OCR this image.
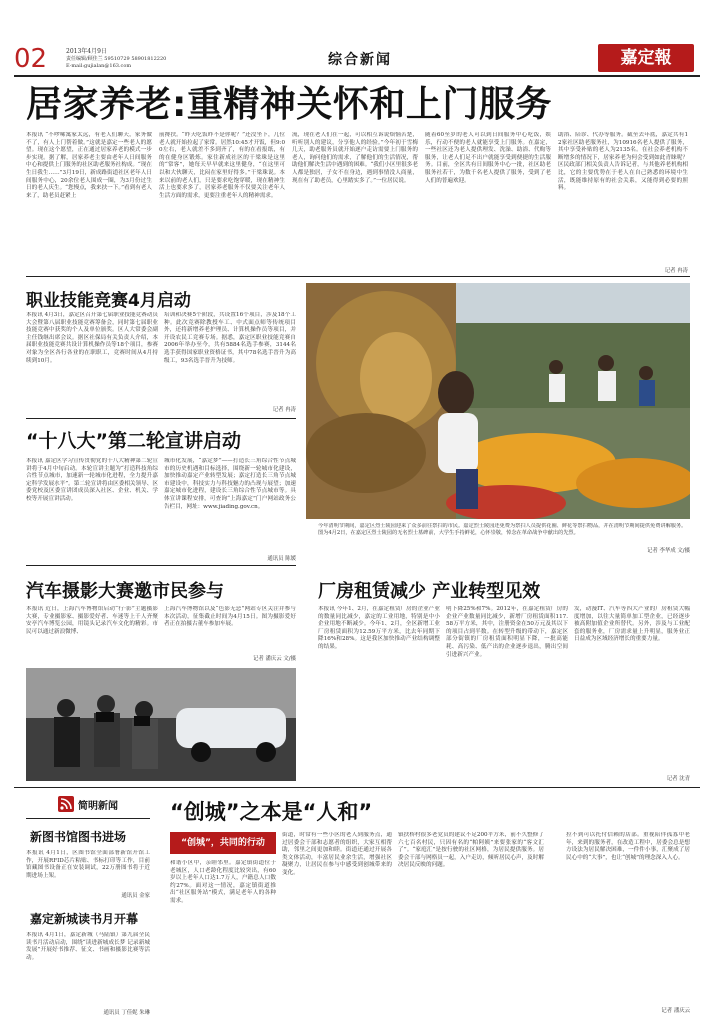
02	2013年4月9日
责任编辑/顾佳兰 59510729 58901812220
E-mail:gujialan@163.com	综合新闻	嘉定報
居家养老:重精神关怀和上门服务
本报讯 “不啰嗦寓家太远，有老人们聊天，家务做不了，有人上门帮着做。”这就是嘉定一些老人的愿望。现在这个愿望，正在通过居家养老的模式一步步实现。据了解，居家养老主要由老年人日间服务中心和提供上门服务的社区助老服务社构成。“现在生日我生……”3月19日，新成路街道社区老年人日间服务中心，20余位老人围成一圈，为3月份过生日的老人庆生。“您慢点，我来扶一下。”看到有老人来了，助老员赶紧上
前搀扶。“昨天吃饭昨不是你呢？”还没坐下，几位老人就开始拉起了家常。居然10:45才开饭，但9:00左右，老人就差不多到齐了，有的在看报纸，有的在健身区锻炼。家住新成社区的干梁珠是这里的“常客”，她每天早早就来这里健身，“在这里可以和大伙聊天，比闷在家里好得多。”干梁珠说。本来以前的老人们，只是要求吃饱穿暖，现在精神生活上也要求多了，居家养老服务不仅要关注老年人生活方面的需求，更要注重老年人的精神需求。
流，现在老人们在一起，可以相互诉说烦恼苦楚，听听别人的建议，分享他人的经验。”今年初于雪梅几天，助老服务员就开始逐户走访需要上门服务的老人，询问他们的需求，了解他们的生活情况，帮助他们解决生活中遇到的困难。“我们小区里很多老人都是独居，子女不在身边，遇到事情没人商量，现在有了助老员，心里踏实多了。”一位居民说。
随着60至岁的老人可以到日间服务中心吃饭，娱乐，行动不便的老人就能享受上门服务。在嘉定，一些社区还为老人提供理发、洗澡、助浴、代购等服务，让老人们足不出户就能享受到便捷的生活服务。目前，全区共有日间服务中心一批，社区助老服务社若干，为数千名老人提供了服务，受到了老人们的普遍欢迎。
助浴、陪诊、代办等服务。截至去年底，嘉定共有12家社区助老服务社，为10916名老人提供了服务，其中享受补贴的老人为2135名。在社会养老机构不断增多的情况下，居家养老为何会受到如此青睐呢？区民政部门相关负责人告诉记者，与其他养老机构相比，它的主要优势在于老人在自己熟悉的环境中生活，既能维持原有的社会关系，又能得到必要的照料。
记者 冉涛
职业技能竞赛4月启动
本报讯 4月3日，嘉定区召开第七届职业技能竞赛动员大会暨第八届职业技能竞赛筹备会，同时第七届职业技能竞赛中获奖的个人及单位颁奖。区人大常委会副主任钱继出席会议。据区社保局有关负责人介绍，本届职业技能竞赛共设计算机操作员等18个项目，参赛对象为全区各行各业的在职职工，竞赛时间从4月持续到10月。
培训和决赛5个阶段，共设置16个项目，涉及18个工种。此次竞赛除教授车工、中式面点师等传统项目外，还将新增养老护理员、计算机操作员等项目，并开设农民工竞赛专场。据悉，嘉定区职业技能竞赛自2006年举办至今，共有5884名选手参赛，3144名选手获得国家职业资格证书，其中78名选手晋升为高级工，93名选手晋升为技师。
记者 冉涛
“十八大”第二轮宣讲启动
本报讯 嘉定区学习宣传贯彻党的十八大精神第二轮宣讲将于4月中旬启动。本轮宣讲主题为“打造科技角综合性节点城市，加速新一轮城市化进程，全力提升嘉定科学发展水平”。第二轮宣讲将由区委相关领导、区委党校及区委宣讲团成员深入社区、企业、机关、学校等开展宣讲活动。
城市化发展，“嘉定梦”——打造长三角综合性节点城市的历史机遇和目标选择，围绕新一轮城市化建设，加快推动嘉定产业转型发展；嘉定打造长三角节点城市建设中，科技实力与科技魅力的凸现与展望；加速嘉定城市化进程，建设长三角综合性节点城市等。具体宣讲课程安排，可查询“上海嘉定”门户网站政务公告栏目，网址：www.jiading.gov.cn。
通讯员 陈媛
今年清明节期间，嘉定区烈士陵园迎来了众多前往祭扫的市民。嘉定烈士陵园还免费为祭扫人员提供花圈、鲜花等祭扫物品，并在清明节期间提供免费讲解服务。图为4月2日，在嘉定区烈士陵园的无名烈士墓碑前，大学生手持鲜花，心怀崇敬，悼念在革命战争中献出的先烈。
记者 李华成 文/摄
汽车摄影大赛邀市民参与
本报讯 近日，上海汽车博物馆启动“行·影”主题摄影大赛，专业摄影家、摄影爱好者、车迷等上千人齐聚安亭汽车博览公园，用镜头记录汽车文化的精彩。市民可以通过新浪微博、
上海汽车博物馆以及“色影无忌”网站专区关注并参与本次活动，征集截止时间为4月15日。图为摄影爱好者正在拍摄古董车参加车展。
记者 潘庆云 文/摄
厂房租赁减少 产业转型见效
本报讯 今年1、2月，在嘉定租赁厂房的企业产业的数量同比减少，嘉定的工业用地，特别是中小企业用地不断减少。今年1、2月，全区新增工业厂房租赁面积为12.59万平方米，比去年同期下降16%和28%。这是我区加快推动产业结构调整的结果。
明下降25%和7%。2012年，在嘉定租赁厂房的企业产业数量同比减少，新增厂房租赁面积117.58万平方米，其中，注册资金在50万元及其以下的项目占到半数。在转型升级的带动下，嘉定区部分街镇的厂房租赁面积明显下降，一批高能耗、高污染、低产出的企业逐步退出，腾出空间引进新兴产业。
发，动漫IT、汽车等四大产业的厂房租赁大幅度增加，以往大量简单加工型企业，已经逐步被高附加值企业所替代。另外，涉及与工业配套的服务业，厂房需求量上升明显，服务业正日益成为区域经济增长的重要力量。
记者 沈青
简明新闻
新图书馆图书进场
本报讯 4月1日，区图书馆全面部署新馆开馆工作，开展RFID芯片粘贴、书标打印等工作，目前馆藏图书设备正在安装调试，22万册图书将于近期进场上架。
通讯员 金家
嘉定新城读书月开幕
本报讯 4月1日，嘉定新城（马陆镇）第九届全民读书月活动启动，围绕“读进新城成长梦 记录新城发展”开展好书推荐、征文、书画和摄影比赛等活动。
通讯员 丁佳妮 朱琳
“创城”之本是“人和”
“创城”，共同的行动
和谐小区中，亲睦邻里。嘉定镇街道位于老城区，人口老龄化程度比较突出，有60岁以上老年人口达1.7万人，户籍总人口数约27%。面对这一情况，嘉定镇街道推出“社区服务站”模式，满足老年人的各种需求。
街道，时常有一些小区的老人到服务点，通过居委会干部和志愿者的组织，大家互相帮助，邻里之间更加和睦。街道还通过开展各类文体活动，丰富居民业余生活，增强社区凝聚力，让居民在参与中感受到创城带来的变化。
镇扶桥村很多老党员的建议不足200平方米，前不久整修了六七百名村民，只因有名的“帕阿姨”来要张家的“客文汇了”。“家庭汇”是按行驶的社区网格，为居民提供服务。居委会干部与网格员一起，入户走访，倾听居民心声，及时解决居民反映的问题。
拉不到可以托付信赖的店部。重视陪伴孤寡中老年，来到的服务者，在改造工程中，居委会总是想方设法为居民解决困难，一件件小事，汇聚成了居民心中的“大事”，也让“创城”的理念深入人心。
记者 潘庆云
